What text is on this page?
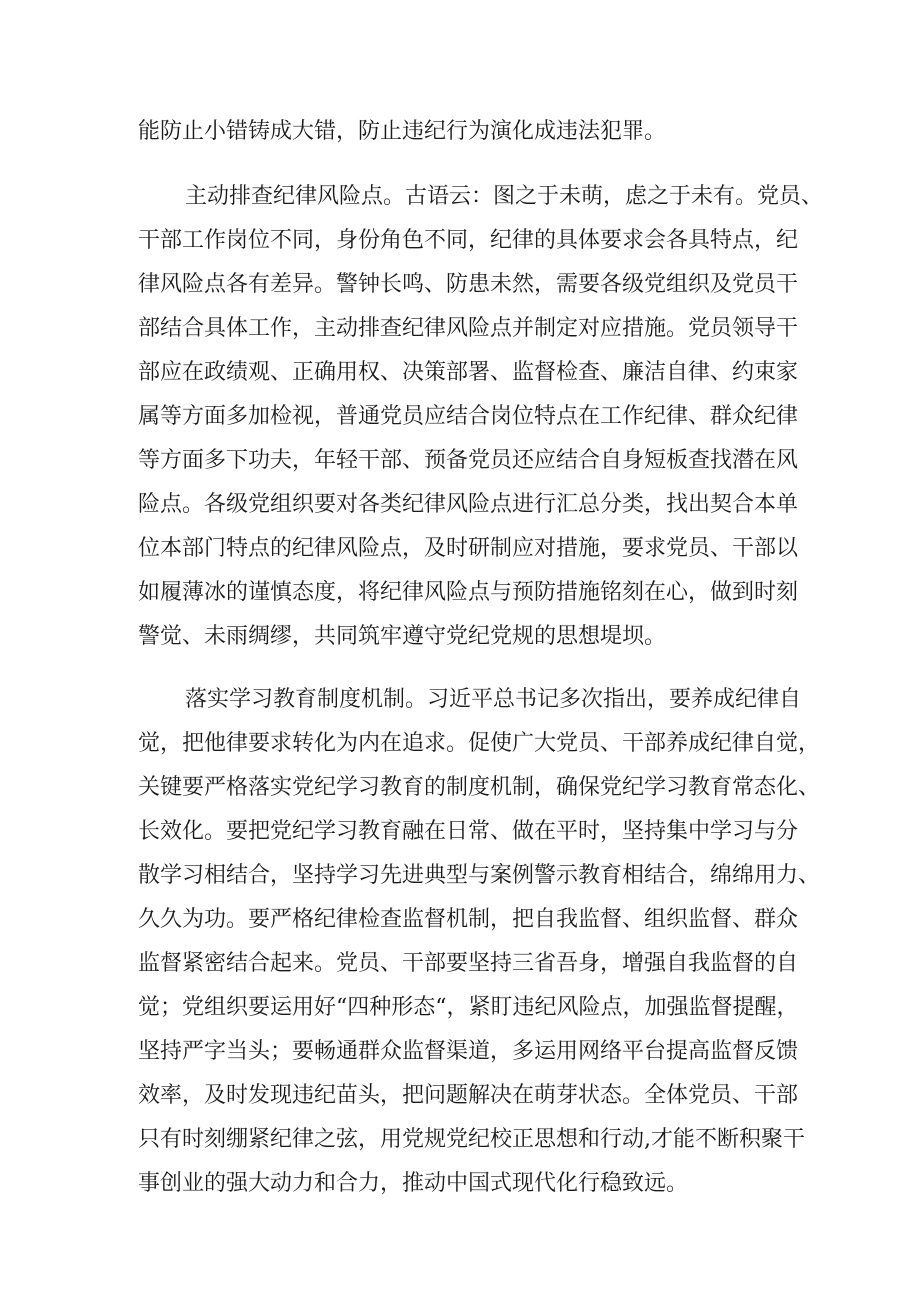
能防止小错铸成大错，防止违纪行为演化成违法犯罪。

主动排查纪律风险点。古语云：图之于未萌，虑之于未有。党员、

干部工作岗位不同，身份角色不同，纪律的具体要求会各具特点，纪

律风险点各有差异。警钟长鸣、防患未然，需要各级党组织及党员干

部结合具体工作，主动排查纪律风险点并制定对应措施。党员领导干

部应在政绩观、正确用权、决策部署、监督检查、廉洁自律、约束家

属等方面多加检视，普通党员应结合岗位特点在工作纪律、群众纪律

等方面多下功夫，年轻干部、预备党员还应结合自身短板查找潜在风

险点。各级党组织要对各类纪律风险点进行汇总分类，找出契合本单

位本部门特点的纪律风险点，及时研制应对措施，要求党员、干部以

如履薄冰的谨慎态度，将纪律风险点与预防措施铭刻在心，做到时刻

警觉、未雨绸缪，共同筑牢遵守党纪党规的思想堤坝。

落实学习教育制度机制。习近平总书记多次指出，要养成纪律自

觉，把他律要求转化为内在追求。促使广大党员、干部养成纪律自觉，

关键要严格落实党纪学习教育的制度机制，确保党纪学习教育常态化、

长效化。要把党纪学习教育融在日常、做在平时，坚持集中学习与分

散学习相结合，坚持学习先进典型与案例警示教育相结合，绵绵用力、

久久为功。要严格纪律检查监督机制，把自我监督、组织监督、群众

监督紧密结合起来。党员、干部要坚持三省吾身，增强自我监督的自

觉；党组织要运用好“四种形态“，紧盯违纪风险点，加强监督提醒，

坚持严字当头；要畅通群众监督渠道，多运用网络平台提高监督反馈

效率，及时发现违纪苗头，把问题解决在萌芽状态。全体党员、干部

只有时刻绷紧纪律之弦，用党规党纪校正思想和行动,才能不断积聚干

事创业的强大动力和合力，推动中国式现代化行稳致远。
